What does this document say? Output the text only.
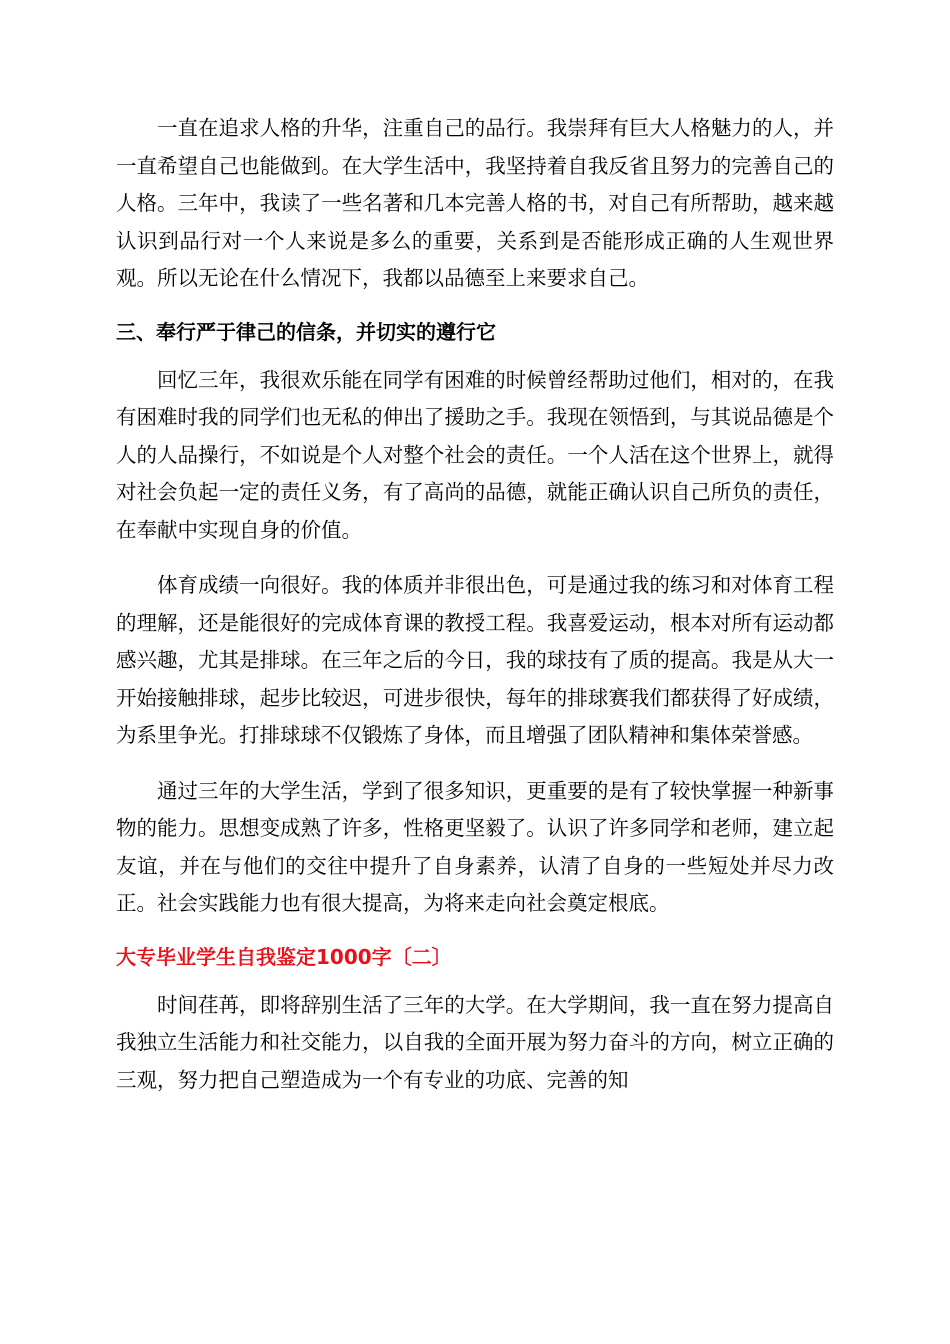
一直在追求人格的升华，注重自己的品行。我崇拜有巨大人格魅力的人，并一直希望自己也能做到。在大学生活中，我坚持着自我反省且努力的完善自己的人格。三年中，我读了一些名著和几本完善人格的书，对自己有所帮助，越来越认识到品行对一个人来说是多么的重要，关系到是否能形成正确的人生观世界观。所以无论在什么情况下，我都以品德至上来要求自己。

三、奉行严于律己的信条，并切实的遵行它

回忆三年，我很欢乐能在同学有困难的时候曾经帮助过他们，相对的，在我有困难时我的同学们也无私的伸出了援助之手。我现在领悟到，与其说品德是个人的人品操行，不如说是个人对整个社会的责任。一个人活在这个世界上，就得对社会负起一定的责任义务，有了高尚的品德，就能正确认识自己所负的责任，在奉献中实现自身的价值。

体育成绩一向很好。我的体质并非很出色，可是通过我的练习和对体育工程的理解，还是能很好的完成体育课的教授工程。我喜爱运动，根本对所有运动都感兴趣，尤其是排球。在三年之后的今日，我的球技有了质的提高。我是从大一开始接触排球，起步比较迟，可进步很快，每年的排球赛我们都获得了好成绩，为系里争光。打排球球不仅锻炼了身体，而且增强了团队精神和集体荣誉感。

通过三年的大学生活，学到了很多知识，更重要的是有了较快掌握一种新事物的能力。思想变成熟了许多，性格更坚毅了。认识了许多同学和老师，建立起友谊，并在与他们的交往中提升了自身素养，认清了自身的一些短处并尽力改正。社会实践能力也有很大提高，为将来走向社会奠定根底。

大专毕业学生自我鉴定1000字〔二〕

时间荏苒，即将辞别生活了三年的大学。在大学期间，我一直在努力提高自我独立生活能力和社交能力，以自我的全面开展为努力奋斗的方向，树立正确的三观，努力把自己塑造成为一个有专业的功底、完善的知
